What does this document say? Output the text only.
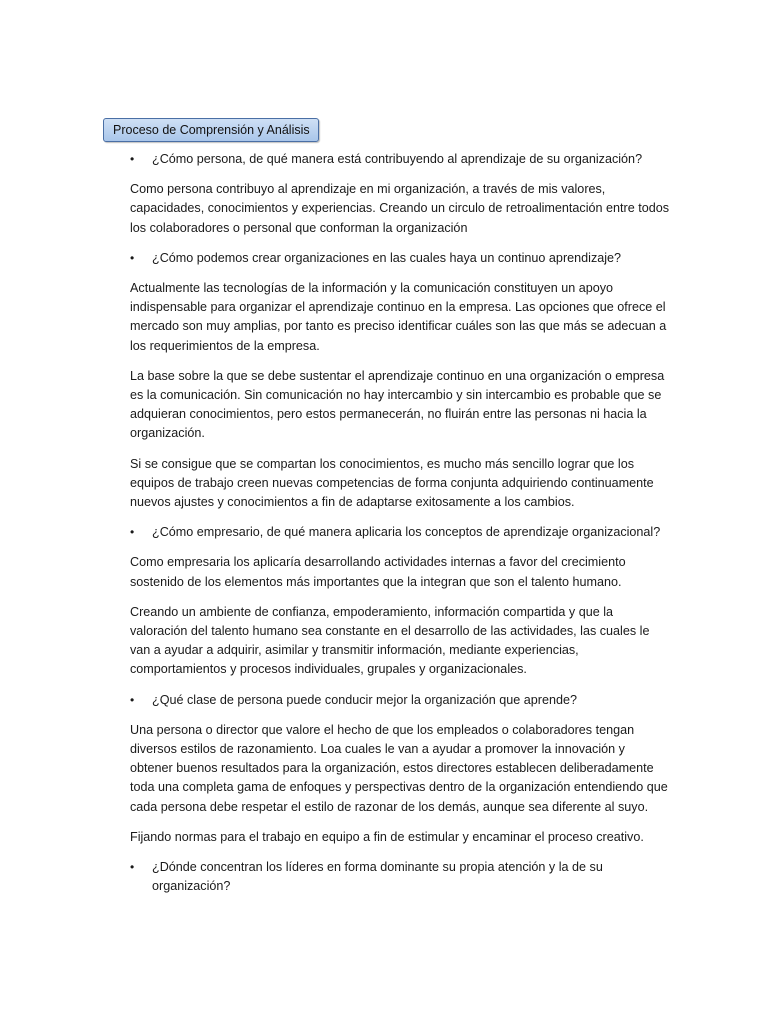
Proceso de Comprensión y Análisis
•	¿Cómo persona, de qué manera está contribuyendo al aprendizaje de su organización?

Como persona contribuyo al aprendizaje en mi organización, a través de mis valores, capacidades, conocimientos y experiencias. Creando un circulo de retroalimentación entre todos los colaboradores o personal que conforman la organización

•	¿Cómo podemos crear organizaciones en las cuales haya un continuo aprendizaje?

Actualmente las tecnologías de la información y la comunicación constituyen un apoyo indispensable para organizar el aprendizaje continuo en la empresa. Las opciones que ofrece el mercado son muy amplias, por tanto es preciso identificar cuáles son las que más se adecuan a los requerimientos de la empresa.

La base sobre la que se debe sustentar el aprendizaje continuo en una organización o empresa es la comunicación. Sin comunicación no hay intercambio y sin intercambio es probable que se adquieran conocimientos, pero estos permanecerán, no fluirán entre las personas ni hacia la organización.

Si se consigue que se compartan los conocimientos, es mucho más sencillo lograr que los equipos de trabajo creen nuevas competencias de forma conjunta adquiriendo continuamente nuevos ajustes y conocimientos a fin de adaptarse exitosamente a los cambios.

•	¿Cómo empresario, de qué manera aplicaria los conceptos de aprendizaje organizacional?

Como empresaria los aplicaría desarrollando actividades internas a favor del crecimiento sostenido de los elementos más importantes que la integran que son el talento humano.

Creando un ambiente de confianza, empoderamiento, información compartida y que la valoración del talento humano sea constante en el desarrollo de las actividades, las cuales le van a ayudar a adquirir, asimilar y transmitir información, mediante experiencias, comportamientos y procesos individuales, grupales y organizacionales.

•	¿Qué clase de persona puede conducir mejor la organización que aprende?

Una persona o director que valore el hecho de que los empleados o colaboradores tengan diversos estilos de razonamiento. Loa cuales le van a ayudar a promover la innovación y obtener buenos resultados para la organización, estos directores establecen deliberadamente toda una completa gama de enfoques y perspectivas dentro de la organización entendiendo que cada persona debe respetar el estilo de razonar de los demás, aunque sea diferente al suyo.

Fijando normas para el trabajo en equipo a fin de estimular y encaminar el proceso creativo.

•	¿Dónde concentran los líderes en forma dominante su propia atención y la de su organización?
